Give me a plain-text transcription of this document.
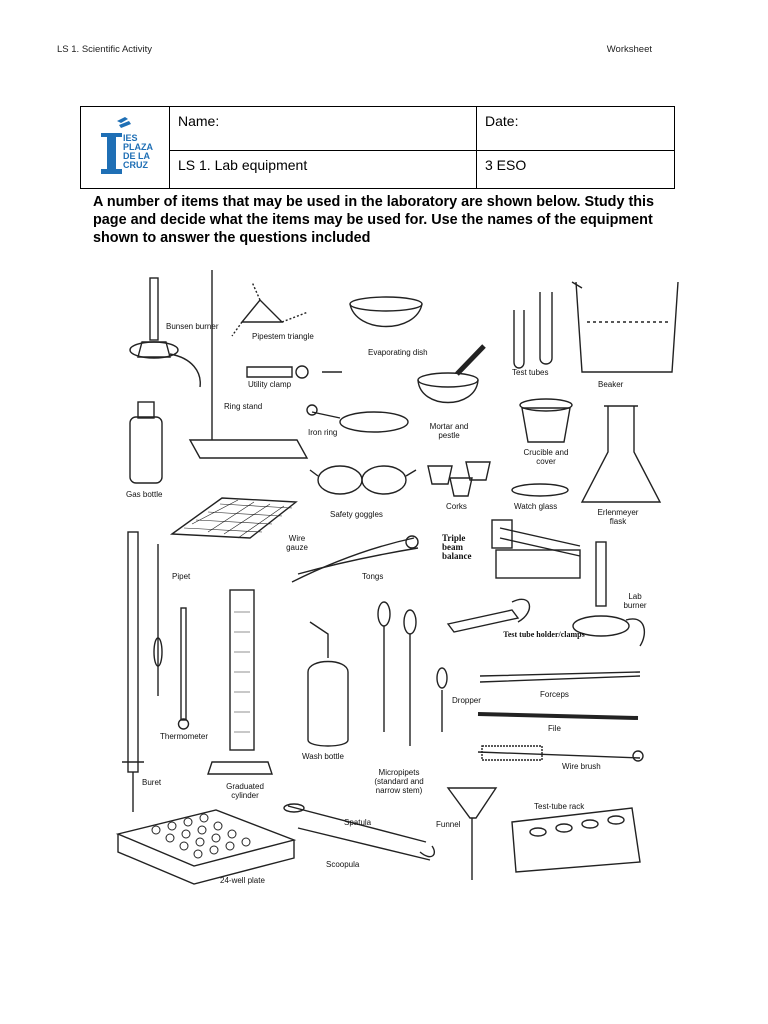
LS 1. Scientific Activity	Worksheet
IES
PLAZA
DE LA
CRUZ	Name:	Date:
	LS 1. Lab equipment	3 ESO
A number of items that may be used in the laboratory are shown below. Study this page and decide what the items may be used for. Use the names of the equipment shown to answer the questions included
Bunsen burner
Pipestem triangle
Evaporating dish
Test tubes
Beaker
Utility clamp
Ring stand
Iron ring
Mortar and pestle
Crucible and cover
Gas bottle
Safety goggles
Corks	Watch glass
Erlenmeyer flask
Wire gauze
Tongs
Triple beam balance
Lab burner
Pipet
Test tube holder/clamps
Dropper
Forceps
File
Thermometer
Wire brush
Wash bottle
Micropipets (standard and narrow stem)
Buret	Graduated cylinder
Test-tube rack
Spatula	Funnel
Scoopula
24-well plate
